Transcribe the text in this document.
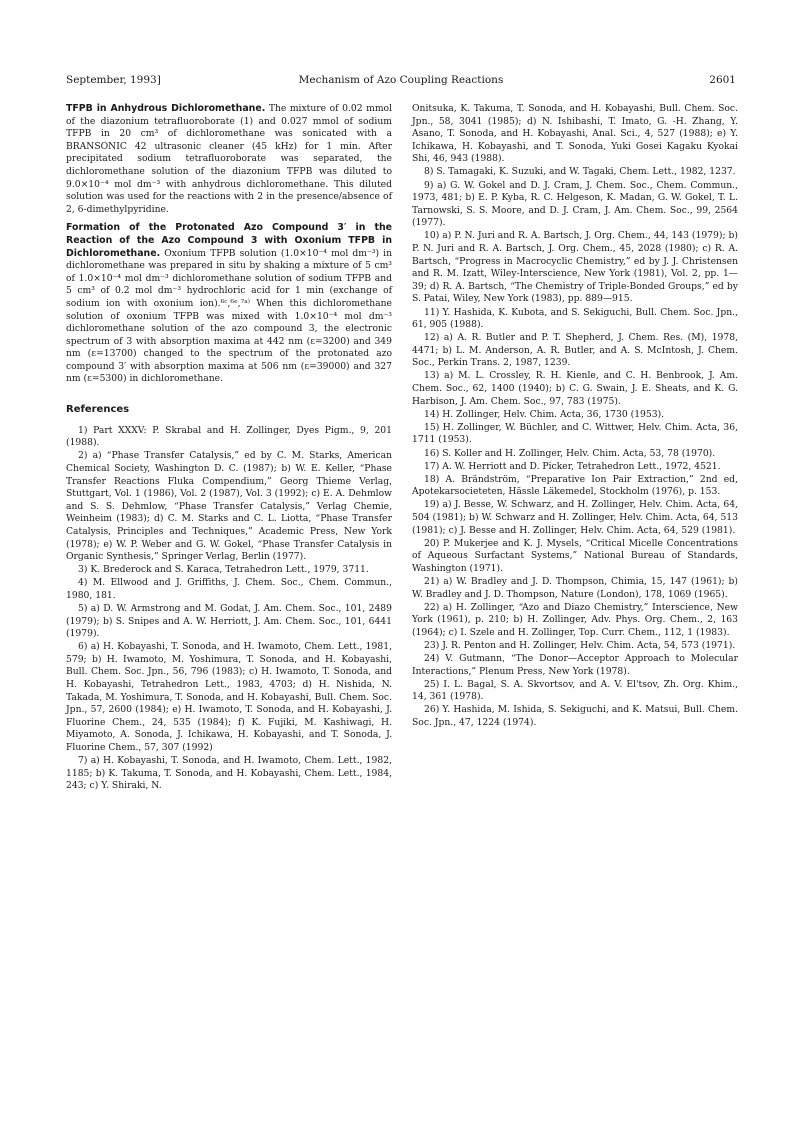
September, 1993]	Mechanism of Azo Coupling Reactions	2601

TFPB in Anhydrous Dichloromethane. The mixture of 0.02 mmol of the diazonium tetrafluoroborate (1) and 0.027 mmol of sodium TFPB in 20 cm³ of dichloromethane was sonicated with a BRANSONIC 42 ultrasonic cleaner (45 kHz) for 1 min. After precipitated sodium tetrafluoroborate was separated, the dichloromethane solution of the diazonium TFPB was diluted to 9.0×10⁻⁴ mol dm⁻³ with anhydrous dichloromethane. This diluted solution was used for the reactions with 2 in the presence/absence of 2, 6-dimethylpyridine.

Formation of the Protonated Azo Compound 3′ in the Reaction of the Azo Compound 3 with Oxonium TFPB in Dichloromethane. Oxonium TFPB solution (1.0×10⁻⁴ mol dm⁻³) in dichloromethane was prepared in situ by shaking a mixture of 5 cm³ of 1.0×10⁻⁴ mol dm⁻³ dichloromethane solution of sodium TFPB and 5 cm³ of 0.2 mol dm⁻³ hydrochloric acid for 1 min (exchange of sodium ion with oxonium ion).⁶ᶜ,⁶ᵉ,⁷ᵃ⁾ When this dichloromethane solution of oxonium TFPB was mixed with 1.0×10⁻⁴ mol dm⁻³ dichloromethane solution of the azo compound 3, the electronic spectrum of 3 with absorption maxima at 442 nm (ε=3200) and 349 nm (ε=13700) changed to the spectrum of the protonated azo compound 3′ with absorption maxima at 506 nm (ε=39000) and 327 nm (ε=5300) in dichloromethane.

References

1) Part XXXV: P. Skrabal and H. Zollinger, Dyes Pigm., 9, 201 (1988).

2) a) “Phase Transfer Catalysis,” ed by C. M. Starks, American Chemical Society, Washington D. C. (1987); b) W. E. Keller, “Phase Transfer Reactions Fluka Compendium,” Georg Thieme Verlag, Stuttgart, Vol. 1 (1986), Vol. 2 (1987), Vol. 3 (1992); c) E. A. Dehmlow and S. S. Dehmlow, “Phase Transfer Catalysis,” Verlag Chemie, Weinheim (1983); d) C. M. Starks and C. L. Liotta, “Phase Transfer Catalysis, Principles and Techniques,” Academic Press, New York (1978); e) W. P. Weber and G. W. Gokel, “Phase Transfer Catalysis in Organic Synthesis,” Springer Verlag, Berlin (1977).

3) K. Brederock and S. Karaca, Tetrahedron Lett., 1979, 3711.

4) M. Ellwood and J. Griffiths, J. Chem. Soc., Chem. Commun., 1980, 181.

5) a) D. W. Armstrong and M. Godat, J. Am. Chem. Soc., 101, 2489 (1979); b) S. Snipes and A. W. Herriott, J. Am. Chem. Soc., 101, 6441 (1979).

6) a) H. Kobayashi, T. Sonoda, and H. Iwamoto, Chem. Lett., 1981, 579; b) H. Iwamoto, M. Yoshimura, T. Sonoda, and H. Kobayashi, Bull. Chem. Soc. Jpn., 56, 796 (1983); c) H. Iwamoto, T. Sonoda, and H. Kobayashi, Tetrahedron Lett., 1983, 4703; d) H. Nishida, N. Takada, M. Yoshimura, T. Sonoda, and H. Kobayashi, Bull. Chem. Soc. Jpn., 57, 2600 (1984); e) H. Iwamoto, T. Sonoda, and H. Kobayashi, J. Fluorine Chem., 24, 535 (1984); f) K. Fujiki, M. Kashiwagi, H. Miyamoto, A. Sonoda, J. Ichikawa, H. Kobayashi, and T. Sonoda, J. Fluorine Chem., 57, 307 (1992)

7) a) H. Kobayashi, T. Sonoda, and H. Iwamoto, Chem. Lett., 1982, 1185; b) K. Takuma, T. Sonoda, and H. Kobayashi, Chem. Lett., 1984, 243; c) Y. Shiraki, N.

Onitsuka, K. Takuma, T. Sonoda, and H. Kobayashi, Bull. Chem. Soc. Jpn., 58, 3041 (1985); d) N. Ishibashi, T. Imato, G. -H. Zhang, Y. Asano, T. Sonoda, and H. Kobayashi, Anal. Sci., 4, 527 (1988); e) Y. Ichikawa, H. Kobayashi, and T. Sonoda, Yuki Gosei Kagaku Kyokai Shi, 46, 943 (1988).

8) S. Tamagaki, K. Suzuki, and W. Tagaki, Chem. Lett., 1982, 1237.

9) a) G. W. Gokel and D. J. Cram, J. Chem. Soc., Chem. Commun., 1973, 481; b) E. P. Kyba, R. C. Helgeson, K. Madan, G. W. Gokel, T. L. Tarnowski, S. S. Moore, and D. J. Cram, J. Am. Chem. Soc., 99, 2564 (1977).

10) a) P. N. Juri and R. A. Bartsch, J. Org. Chem., 44, 143 (1979); b) P. N. Juri and R. A. Bartsch, J. Org. Chem., 45, 2028 (1980); c) R. A. Bartsch, “Progress in Macrocyclic Chemistry,” ed by J. J. Christensen and R. M. Izatt, Wiley-Interscience, New York (1981), Vol. 2, pp. 1—39; d) R. A. Bartsch, “The Chemistry of Triple-Bonded Groups,” ed by S. Patai, Wiley, New York (1983), pp. 889—915.

11) Y. Hashida, K. Kubota, and S. Sekiguchi, Bull. Chem. Soc. Jpn., 61, 905 (1988).

12) a) A. R. Butler and P. T. Shepherd, J. Chem. Res. (M), 1978, 4471; b) L. M. Anderson, A. R. Butler, and A. S. McIntosh, J. Chem. Soc., Perkin Trans. 2, 1987, 1239.

13) a) M. L. Crossley, R. H. Kienle, and C. H. Benbrook, J. Am. Chem. Soc., 62, 1400 (1940); b) C. G. Swain, J. E. Sheats, and K. G. Harbison, J. Am. Chem. Soc., 97, 783 (1975).

14) H. Zollinger, Helv. Chim. Acta, 36, 1730 (1953).

15) H. Zollinger, W. Büchler, and C. Wittwer, Helv. Chim. Acta, 36, 1711 (1953).

16) S. Koller and H. Zollinger, Helv. Chim. Acta, 53, 78 (1970).

17) A. W. Herriott and D. Picker, Tetrahedron Lett., 1972, 4521.

18) A. Brändström, “Preparative Ion Pair Extraction,” 2nd ed, Apotekarsocieteten, Hässle Läkemedel, Stockholm (1976), p. 153.

19) a) J. Besse, W. Schwarz, and H. Zollinger, Helv. Chim. Acta, 64, 504 (1981); b) W. Schwarz and H. Zollinger, Helv. Chim. Acta, 64, 513 (1981); c) J. Besse and H. Zollinger, Helv. Chim. Acta, 64, 529 (1981).

20) P. Mukerjee and K. J. Mysels, “Critical Micelle Concentrations of Aqueous Surfactant Systems,” National Bureau of Standards, Washington (1971).

21) a) W. Bradley and J. D. Thompson, Chimia, 15, 147 (1961); b) W. Bradley and J. D. Thompson, Nature (London), 178, 1069 (1965).

22) a) H. Zollinger, “Azo and Diazo Chemistry,” Interscience, New York (1961), p. 210; b) H. Zollinger, Adv. Phys. Org. Chem., 2, 163 (1964); c) I. Szele and H. Zollinger, Top. Curr. Chem., 112, 1 (1983).

23) J. R. Penton and H. Zollinger, Helv. Chim. Acta, 54, 573 (1971).

24) V. Gutmann, “The Donor—Acceptor Approach to Molecular Interactions,” Plenum Press, New York (1978).

25) I. L. Bagal, S. A. Skvortsov, and A. V. El'tsov, Zh. Org. Khim., 14, 361 (1978).

26) Y. Hashida, M. Ishida, S. Sekiguchi, and K. Matsui, Bull. Chem. Soc. Jpn., 47, 1224 (1974).
